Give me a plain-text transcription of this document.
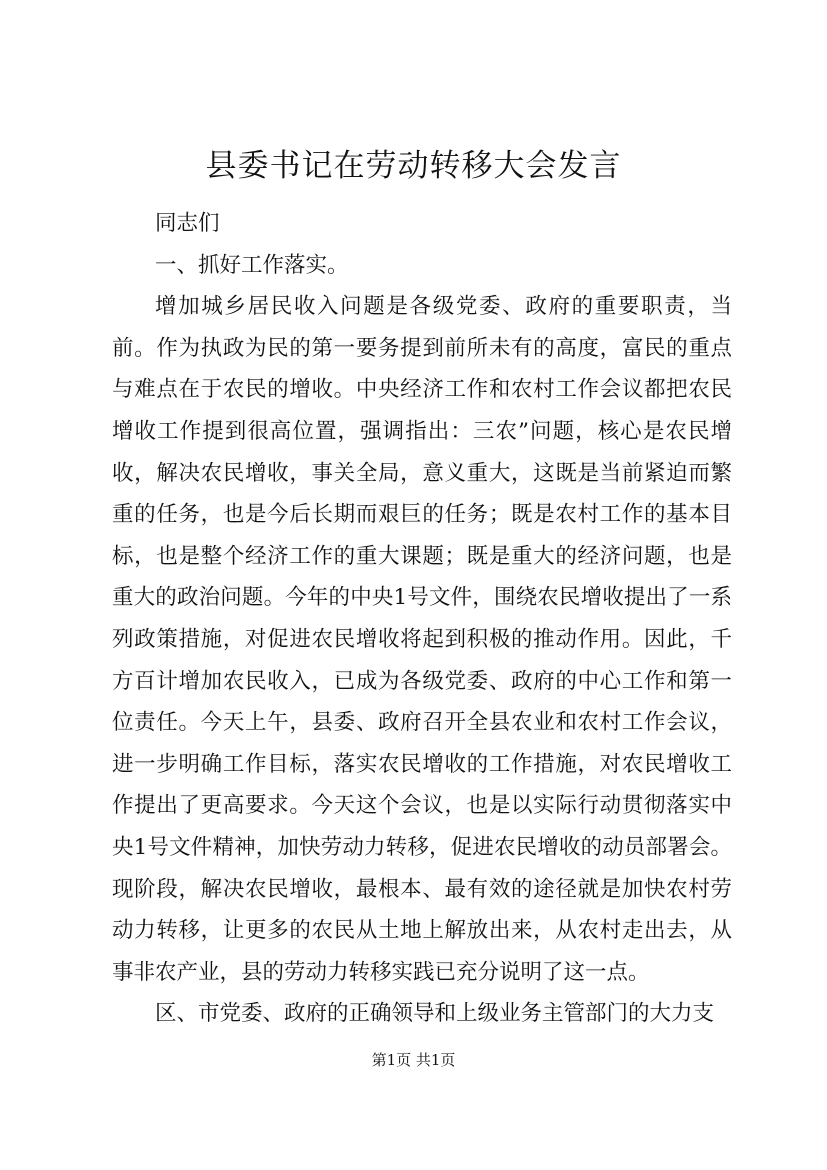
县委书记在劳动转移大会发言

同志们

一、抓好工作落实。

增加城乡居民收入问题是各级党委、政府的重要职责，当前。作为执政为民的第一要务提到前所未有的高度，富民的重点与难点在于农民的增收。中央经济工作和农村工作会议都把农民增收工作提到很高位置，强调指出：三农”问题，核心是农民增收，解决农民增收，事关全局，意义重大，这既是当前紧迫而繁重的任务，也是今后长期而艰巨的任务；既是农村工作的基本目标，也是整个经济工作的重大课题；既是重大的经济问题，也是重大的政治问题。今年的中央1号文件，围绕农民增收提出了一系列政策措施，对促进农民增收将起到积极的推动作用。因此，千方百计增加农民收入，已成为各级党委、政府的中心工作和第一位责任。今天上午，县委、政府召开全县农业和农村工作会议，进一步明确工作目标，落实农民增收的工作措施，对农民增收工作提出了更高要求。今天这个会议，也是以实际行动贯彻落实中央1号文件精神，加快劳动力转移，促进农民增收的动员部署会。现阶段，解决农民增收，最根本、最有效的途径就是加快农村劳动力转移，让更多的农民从土地上解放出来，从农村走出去，从事非农产业，县的劳动力转移实践已充分说明了这一点。

区、市党委、政府的正确领导和上级业务主管部门的大力支

第1页 共1页
